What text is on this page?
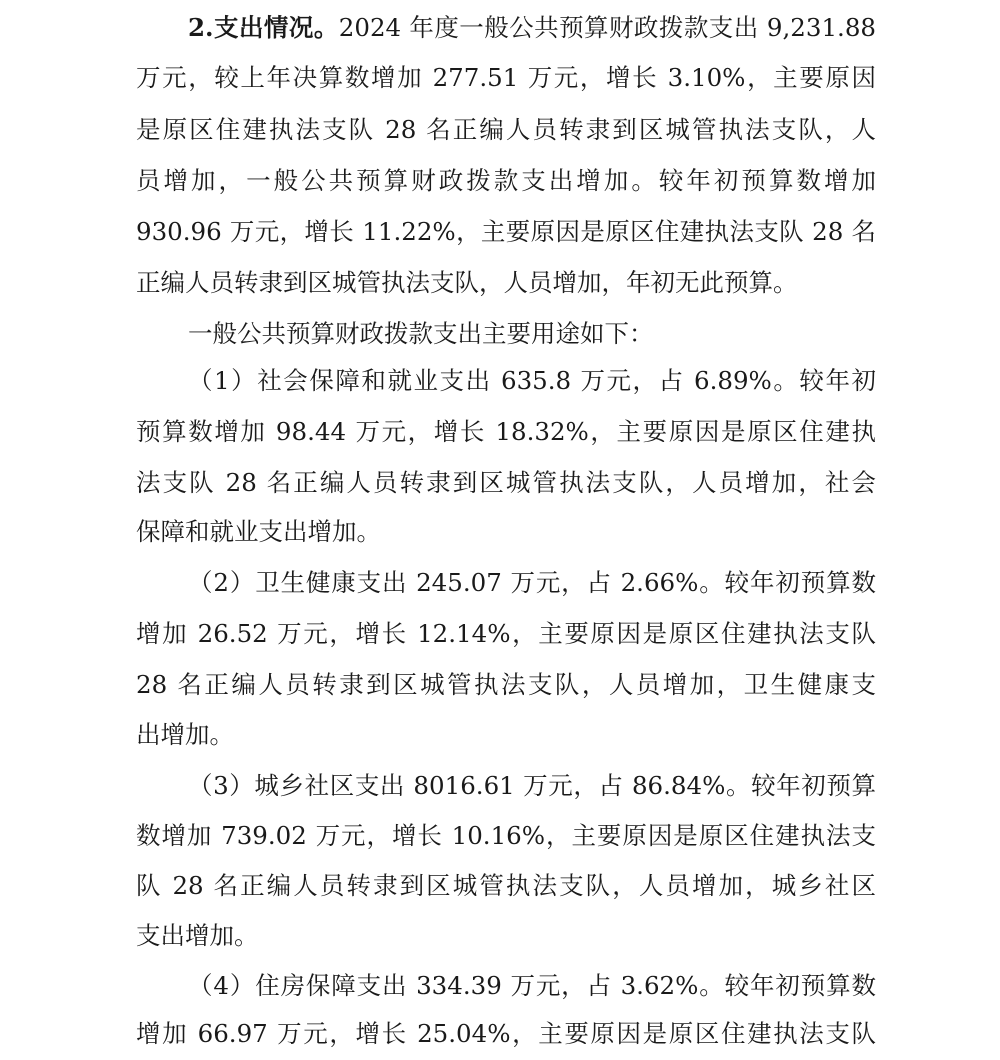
2.支出情况。2024 年度一般公共预算财政拨款支出 9,231.88
万元，较上年决算数增加 277.51 万元，增长 3.10%，主要原因
是原区住建执法支队 28 名正编人员转隶到区城管执法支队，人
员增加，一般公共预算财政拨款支出增加。较年初预算数增加
930.96 万元，增长 11.22%，主要原因是原区住建执法支队 28 名
正编人员转隶到区城管执法支队，人员增加，年初无此预算。
一般公共预算财政拨款支出主要用途如下：
（1）社会保障和就业支出 635.8 万元，占 6.89%。较年初
预算数增加 98.44 万元，增长 18.32%，主要原因是原区住建执
法支队 28 名正编人员转隶到区城管执法支队，人员增加，社会
保障和就业支出增加。
（2）卫生健康支出 245.07 万元，占 2.66%。较年初预算数
增加 26.52 万元，增长 12.14%，主要原因是原区住建执法支队
28 名正编人员转隶到区城管执法支队，人员增加，卫生健康支
出增加。
（3）城乡社区支出 8016.61 万元，占 86.84%。较年初预算
数增加 739.02 万元，增长 10.16%，主要原因是原区住建执法支
队 28 名正编人员转隶到区城管执法支队，人员增加，城乡社区
支出增加。
（4）住房保障支出 334.39 万元，占 3.62%。较年初预算数
增加 66.97 万元，增长 25.04%，主要原因是原区住建执法支队
